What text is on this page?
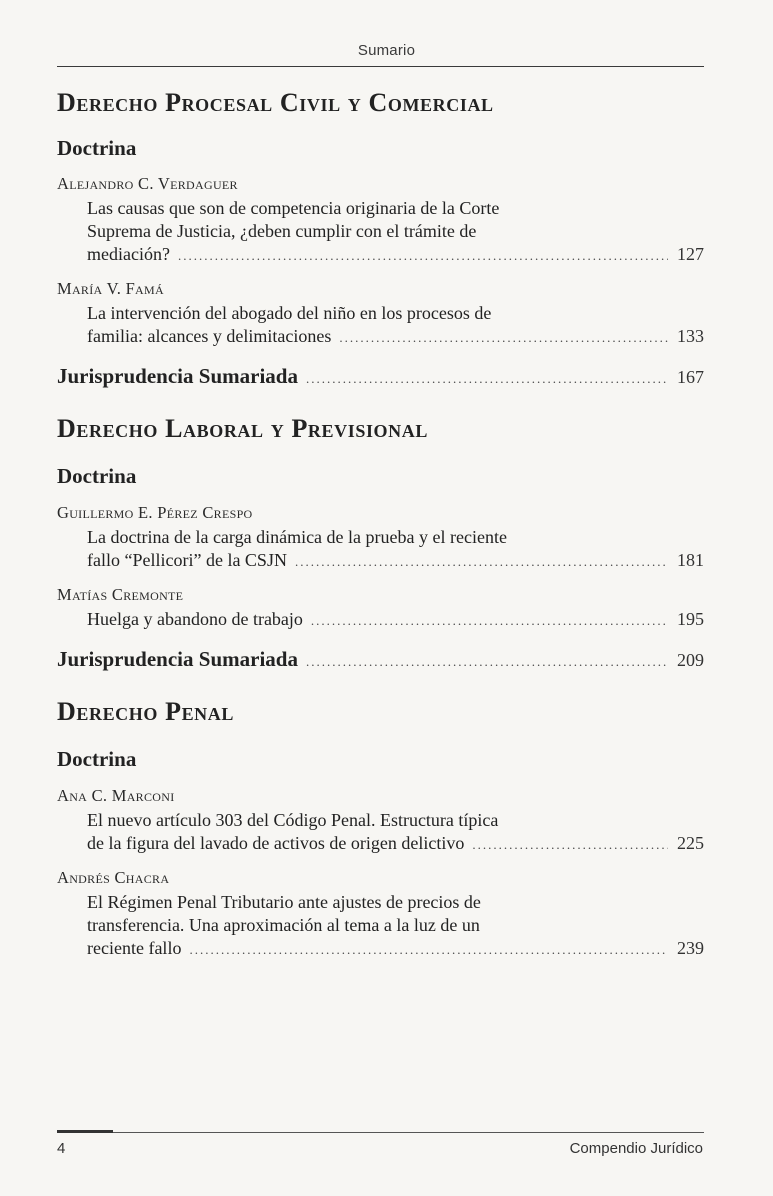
Sumario
Derecho Procesal Civil y Comercial
Doctrina
Alejandro C. Verdaguer
Las causas que son de competencia originaria de la Corte
Suprema de Justicia, ¿deben cumplir con el trámite de
mediación? .....	127
María V. Famá
La intervención del abogado del niño en los procesos de
familia: alcances y delimitaciones .....	133
Jurisprudencia Sumariada .....	167
Derecho Laboral y Previsional
Doctrina
Guillermo E. Pérez Crespo
La doctrina de la carga dinámica de la prueba y el reciente
fallo “Pellicori” de la CSJN .....	181
Matías Cremonte
Huelga y abandono de trabajo .....	195
Jurisprudencia Sumariada .....	209
Derecho Penal
Doctrina
Ana C. Marconi
El nuevo artículo 303 del Código Penal. Estructura típica
de la figura del lavado de activos de origen delictivo .....	225
Andrés Chacra
El Régimen Penal Tributario ante ajustes de precios de
transferencia. Una aproximación al tema a la luz de un
reciente fallo .....	239
4	Compendio Jurídico
